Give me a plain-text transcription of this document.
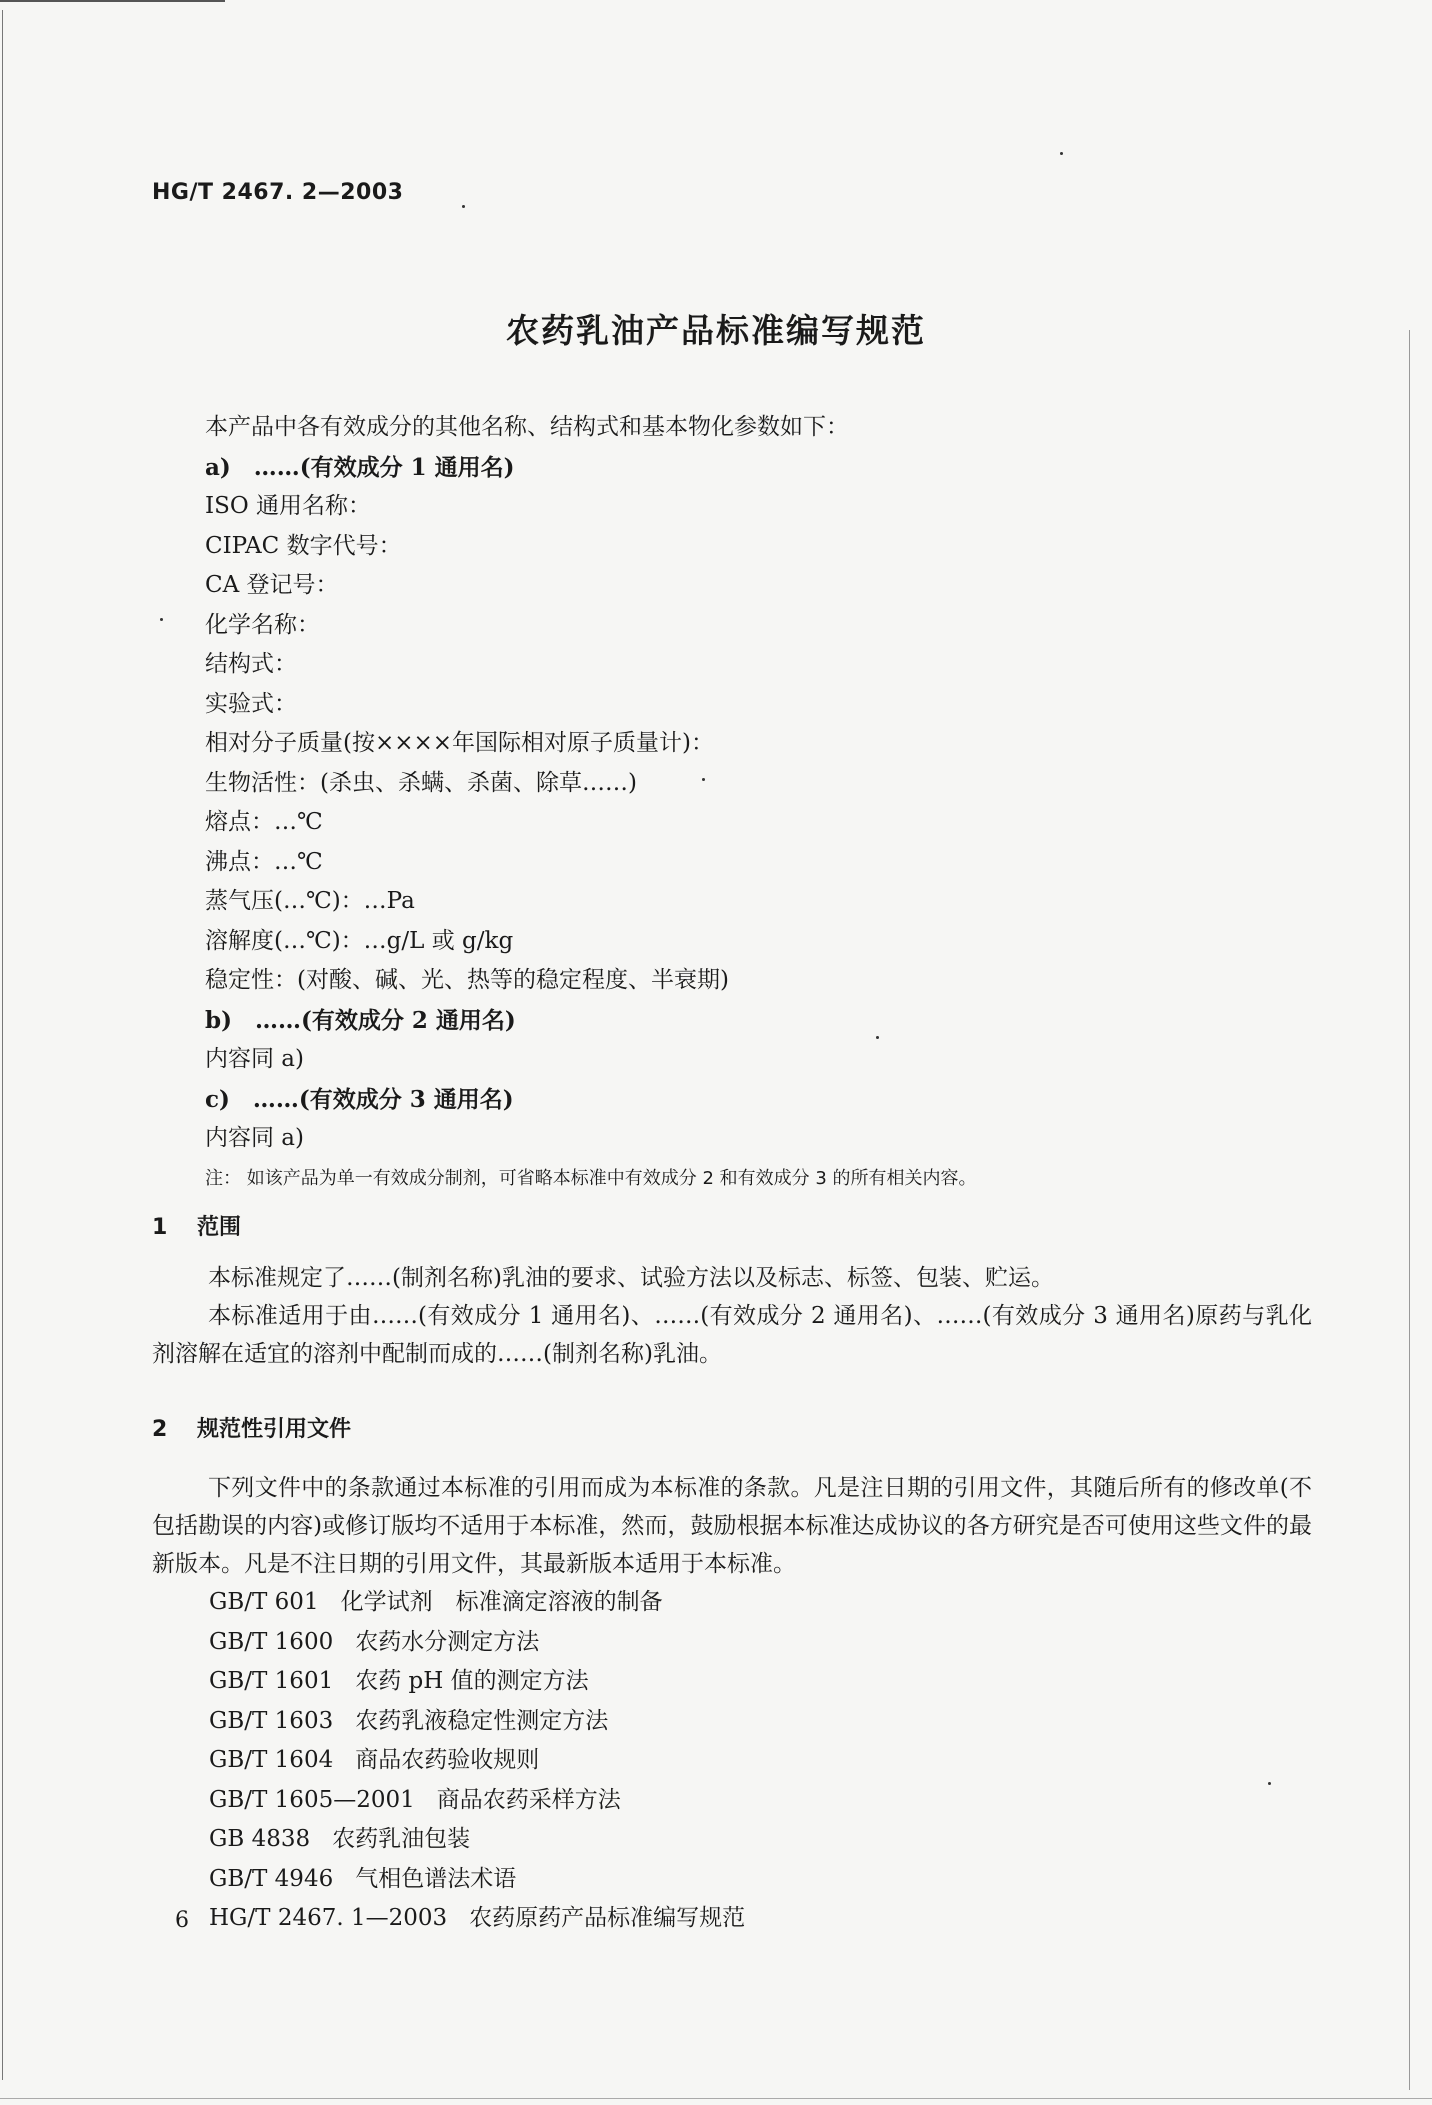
HG/T 2467. 2—2003
农药乳油产品标准编写规范
本产品中各有效成分的其他名称、结构式和基本物化参数如下：
a)　……(有效成分 1 通用名)
ISO 通用名称：
CIPAC 数字代号：
CA 登记号：
化学名称：
结构式：
实验式：
相对分子质量(按××××年国际相对原子质量计)：
生物活性：(杀虫、杀螨、杀菌、除草……)
熔点：…℃
沸点：…℃
蒸气压(…℃)：…Pa
溶解度(…℃)：…g/L 或 g/kg
稳定性：(对酸、碱、光、热等的稳定程度、半衰期)
b)　……(有效成分 2 通用名)
内容同 a)
c)　……(有效成分 3 通用名)
内容同 a)
注： 如该产品为单一有效成分制剂，可省略本标准中有效成分 2 和有效成分 3 的所有相关内容。
1 范围
本标准规定了……(制剂名称)乳油的要求、试验方法以及标志、标签、包装、贮运。
本标准适用于由……(有效成分 1 通用名)、……(有效成分 2 通用名)、……(有效成分 3 通用名)原药与乳化剂溶解在适宜的溶剂中配制而成的……(制剂名称)乳油。
2 规范性引用文件
下列文件中的条款通过本标准的引用而成为本标准的条款。凡是注日期的引用文件，其随后所有的修改单(不包括勘误的内容)或修订版均不适用于本标准，然而，鼓励根据本标准达成协议的各方研究是否可使用这些文件的最新版本。凡是不注日期的引用文件，其最新版本适用于本标准。
GB/T 601 化学试剂　标准滴定溶液的制备
GB/T 1600 农药水分测定方法
GB/T 1601 农药 pH 值的测定方法
GB/T 1603 农药乳液稳定性测定方法
GB/T 1604 商品农药验收规则
GB/T 1605—2001 商品农药采样方法
GB 4838 农药乳油包装
GB/T 4946 气相色谱法术语
HG/T 2467. 1—2003 农药原药产品标准编写规范
6
